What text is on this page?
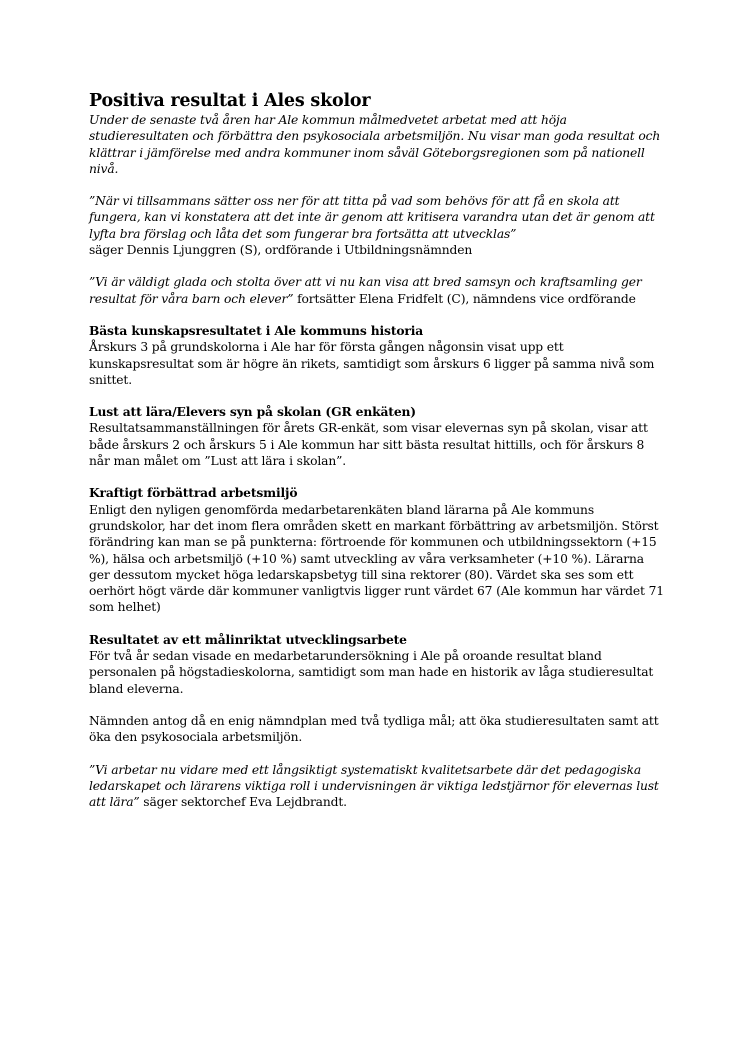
Positiva resultat i Ales skolor

Under de senaste två åren har Ale kommun målmedvetet arbetat med att höja studieresultaten och förbättra den psykosociala arbetsmiljön. Nu visar man goda resultat och klättrar i jämförelse med andra kommuner inom såväl Göteborgsregionen som på nationell nivå.

”När vi tillsammans sätter oss ner för att titta på vad som behövs för att få en skola att fungera, kan vi konstatera att det inte är genom att kritisera varandra utan det är genom att lyfta bra förslag och låta det som fungerar bra fortsätta att utvecklas”
säger Dennis Ljunggren (S), ordförande i Utbildningsnämnden

”Vi är väldigt glada och stolta över att vi nu kan visa att bred samsyn och kraftsamling ger resultat för våra barn och elever” fortsätter Elena Fridfelt (C), nämndens vice ordförande

Bästa kunskapsresultatet i Ale kommuns historia

Årskurs 3 på grundskolorna i Ale har för första gången någonsin visat upp ett kunskapsresultat som är högre än rikets, samtidigt som årskurs 6 ligger på samma nivå som snittet.

Lust att lära/Elevers syn på skolan (GR enkäten)

Resultatsammanställningen för årets GR-enkät, som visar elevernas syn på skolan, visar att både årskurs 2 och årskurs 5 i Ale kommun har sitt bästa resultat hittills, och för årskurs 8 når man målet om ”Lust att lära i skolan”.

Kraftigt förbättrad arbetsmiljö

Enligt den nyligen genomförda medarbetarenkäten bland lärarna på Ale kommuns grundskolor, har det inom flera områden skett en markant förbättring av arbetsmiljön. Störst förändring kan man se på punkterna: förtroende för kommunen och utbildningssektorn (+15 %), hälsa och arbetsmiljö (+10 %) samt utveckling av våra verksamheter (+10 %). Lärarna ger dessutom mycket höga ledarskapsbetyg till sina rektorer (80). Värdet ska ses som ett oerhört högt värde där kommuner vanligtvis ligger runt värdet 67 (Ale kommun har värdet 71 som helhet)

Resultatet av ett målinriktat utvecklingsarbete

För två år sedan visade en medarbetarundersökning i Ale på oroande resultat bland personalen på högstadieskolorna, samtidigt som man hade en historik av låga studieresultat bland eleverna.

Nämnden antog då en enig nämndplan med två tydliga mål; att öka studieresultaten samt att öka den psykosociala arbetsmiljön.

”Vi arbetar nu vidare med ett långsiktigt systematiskt kvalitetsarbete där det pedagogiska ledarskapet och lärarens viktiga roll i undervisningen är viktiga ledstjärnor för elevernas lust att lära” säger sektorchef Eva Lejdbrandt.
